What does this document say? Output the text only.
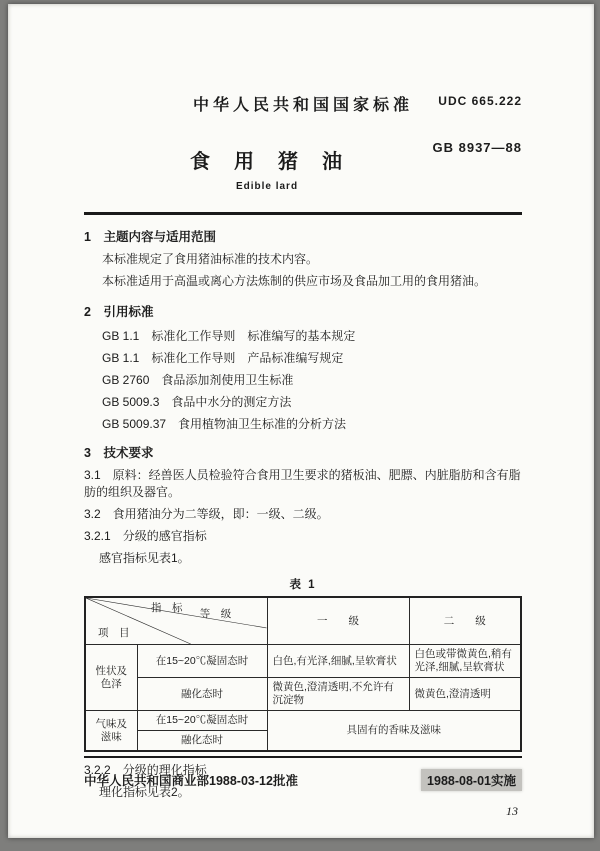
中华人民共和国国家标准	UDC 665.222
GB 8937—88
食　用　猪　油
Edible lard
1　主题内容与适用范围
本标准规定了食用猪油标准的技术内容。
本标准适用于高温或离心方法炼制的供应市场及食品加工用的食用猪油。
2　引用标准
GB 1.1　标准化工作导则　标准编写的基本规定
GB 1.1　标准化工作导则　产品标准编写规定
GB 2760　食品添加剂使用卫生标准
GB 5009.3　食品中水分的测定方法
GB 5009.37　食用植物油卫生标准的分析方法
3　技术要求
3.1　原料：经兽医人员检验符合食用卫生要求的猪板油、肥膘、内脏脂肪和含有脂肪的组织及器官。
3.2　食用猪油分为二等级，即：一级、二级。
3.2.1　分级的感官指标
感官指标见表1。
表 1
指　标 等　级
项　目		一　　级	二　　级
性状及色泽	在15~20℃凝固态时	白色,有光泽,细腻,呈软膏状	白色或带微黄色,稍有光泽,细腻,呈软膏状
	融化态时	微黄色,澄清透明,不允许有沉淀物	微黄色,澄清透明
气味及滋味	在15~20℃凝固态时	具固有的香味及滋味	
	融化态时		
3.2.2　分级的理化指标
理化指标见表2。
中华人民共和国商业部1988-03-12批准	1988-08-01实施
13
